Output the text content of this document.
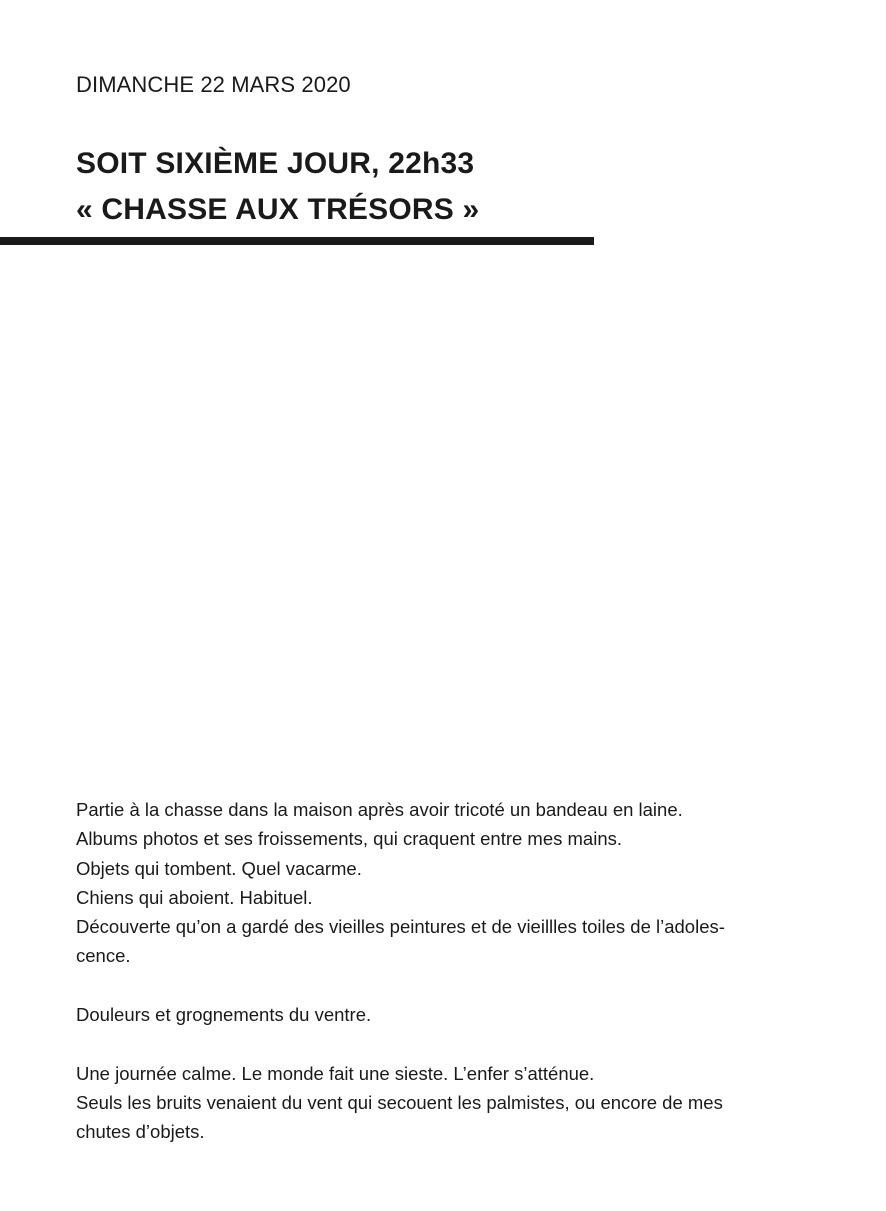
DIMANCHE 22 MARS 2020
SOIT SIXIÈME JOUR, 22h33
« CHASSE AUX TRÉSORS »
Partie à la chasse dans la maison après avoir tricoté un bandeau en laine.
Albums photos et ses froissements, qui craquent entre mes mains.
Objets qui tombent. Quel vacarme.
Chiens qui aboient. Habituel.
Découverte qu’on a gardé des vieilles peintures et de vieillles toiles de l’adoles-
cence.
Douleurs et grognements du ventre.
Une journée calme. Le monde fait une sieste. L’enfer s’atténue.
Seuls les bruits venaient du vent qui secouent les palmistes, ou encore de mes
chutes d’objets.
